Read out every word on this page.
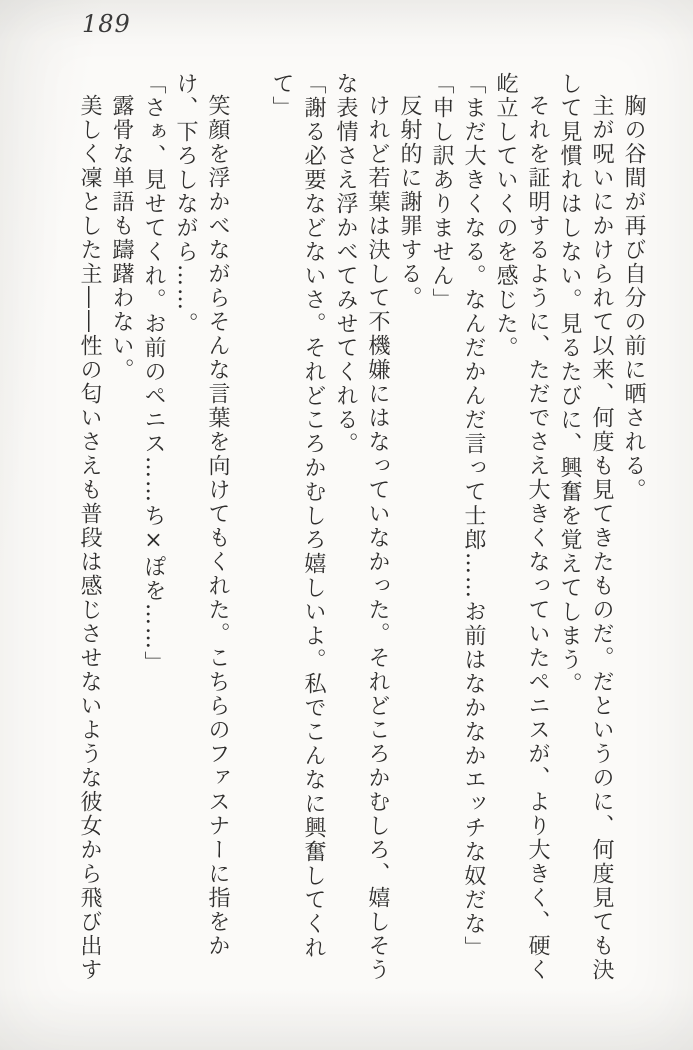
189

胸の谷間が再び自分の前に晒される。

主が呪いにかけられて以来、何度も見てきたものだ。だというのに、何度見ても決して見慣れはしない。見るたびに、興奮を覚えてしまう。

それを証明するように、ただでさえ大きくなっていたペニスが、より大きく、硬く屹立していくのを感じた。

「まだ大きくなる。なんだかんだ言って士郎……お前はなかなかエッチな奴だな」

「申し訳ありません」

反射的に謝罪する。

けれど若葉は決して不機嫌にはなっていなかった。それどころかむしろ、嬉しそうな表情さえ浮かべてみせてくれる。

「謝る必要などないさ。それどころかむしろ嬉しいよ。私でこんなに興奮してくれて」

笑顔を浮かべながらそんな言葉を向けてもくれた。こちらのファスナーに指をかけ、下ろしながら……。

「さぁ、見せてくれ。お前のペニス……ち×ぽを……」

露骨な単語も躊躇わない。

美しく凜とした主――性の匂いさえも普段は感じさせないような彼女から飛び出す
